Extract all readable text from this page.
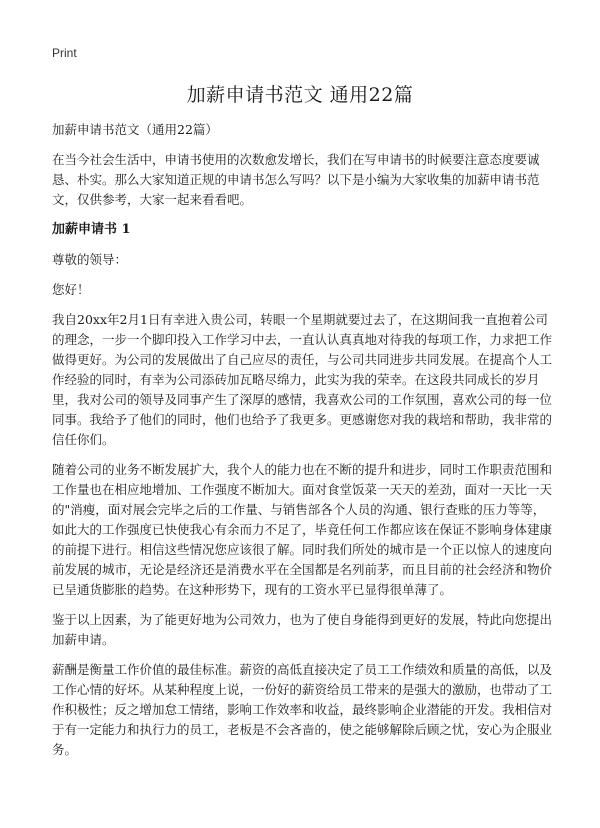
Print
加薪申请书范文 通用22篇

加薪申请书范文（通用22篇）

在当今社会生活中，申请书使用的次数愈发增长，我们在写申请书的时候要注意态度要诚恳、朴实。那么大家知道正规的申请书怎么写吗？以下是小编为大家收集的加薪申请书范文，仅供参考，大家一起来看看吧。

加薪申请书 1

尊敬的领导：

您好！

我自20xx年2月1日有幸进入贵公司，转眼一个星期就要过去了，在这期间我一直抱着公司的理念，一步一个脚印投入工作学习中去，一直认认真真地对待我的每项工作，力求把工作做得更好。为公司的发展做出了自己应尽的责任，与公司共同进步共同发展。在提高个人工作经验的同时，有幸为公司添砖加瓦略尽绵力，此实为我的荣幸。在这段共同成长的岁月里，我对公司的领导及同事产生了深厚的感情，我喜欢公司的工作氛围，喜欢公司的每一位同事。我给予了他们的同时，他们也给予了我更多。更感谢您对我的栽培和帮助，我非常的信任你们。

随着公司的业务不断发展扩大，我个人的能力也在不断的提升和进步，同时工作职责范围和工作量也在相应地增加、工作强度不断加大。面对食堂饭菜一天天的差劲，面对一天比一天的"消瘦，面对展会完毕之后的工作量、与销售部各个人员的沟通、银行查账的压力等等， 如此大的工作强度已快使我心有余而力不足了，毕竟任何工作都应该在保证不影响身体建康的前提下进行。相信这些情况您应该很了解。同时我们所处的城市是一个正以惊人的速度向前发展的城市，无论是经济还是消费水平在全国都是名列前茅，而且目前的社会经济和物价已呈通货膨胀的趋势。在这种形势下，现有的工资水平已显得很单薄了。

鉴于以上因素，为了能更好地为公司效力，也为了使自身能得到更好的发展，特此向您提出加薪申请。

薪酬是衡量工作价值的最佳标准。薪资的高低直接决定了员工工作绩效和质量的高低，以及工作心情的好坏。从某种程度上说，一份好的薪资给员工带来的是强大的激励，也带动了工作积极性；反之增加怠工情绪，影响工作效率和收益，最终影响企业潜能的开发。我相信对于有一定能力和执行力的员工，老板是不会吝啬的，使之能够解除后顾之忧，安心为企服业务。
